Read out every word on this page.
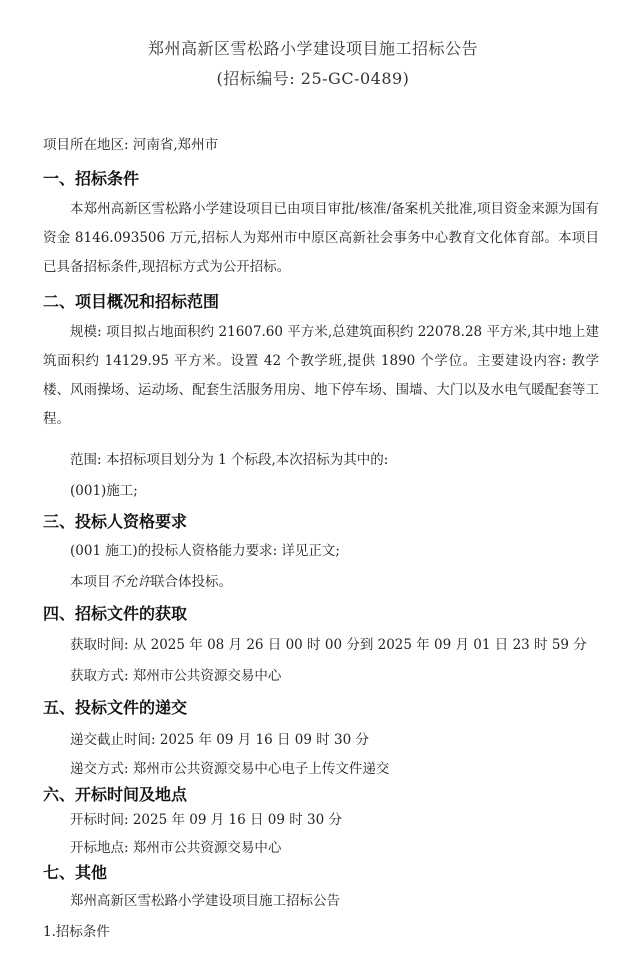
郑州高新区雪松路小学建设项目施工招标公告
(招标编号: 25-GC-0489)
项目所在地区: 河南省,郑州市
一、招标条件
本郑州高新区雪松路小学建设项目已由项目审批/核准/备案机关批准,项目资金来源为国有资金 8146.093506 万元,招标人为郑州市中原区高新社会事务中心教育文化体育部。本项目已具备招标条件,现招标方式为公开招标。
二、项目概况和招标范围
规模: 项目拟占地面积约 21607.60 平方米,总建筑面积约 22078.28 平方米,其中地上建筑面积约 14129.95 平方米。设置 42 个教学班,提供 1890 个学位。主要建设内容: 教学楼、风雨操场、运动场、配套生活服务用房、地下停车场、围墙、大门以及水电气暖配套等工程。
范围: 本招标项目划分为 1 个标段,本次招标为其中的:
(001)施工;
三、投标人资格要求
(001 施工)的投标人资格能力要求: 详见正文;
本项目不允许联合体投标。
四、招标文件的获取
获取时间: 从 2025 年 08 月 26 日 00 时 00 分到 2025 年 09 月 01 日 23 时 59 分
获取方式: 郑州市公共资源交易中心
五、投标文件的递交
递交截止时间: 2025 年 09 月 16 日 09 时 30 分
递交方式: 郑州市公共资源交易中心电子上传文件递交
六、开标时间及地点
开标时间: 2025 年 09 月 16 日 09 时 30 分
开标地点: 郑州市公共资源交易中心
七、其他
郑州高新区雪松路小学建设项目施工招标公告
1.招标条件
